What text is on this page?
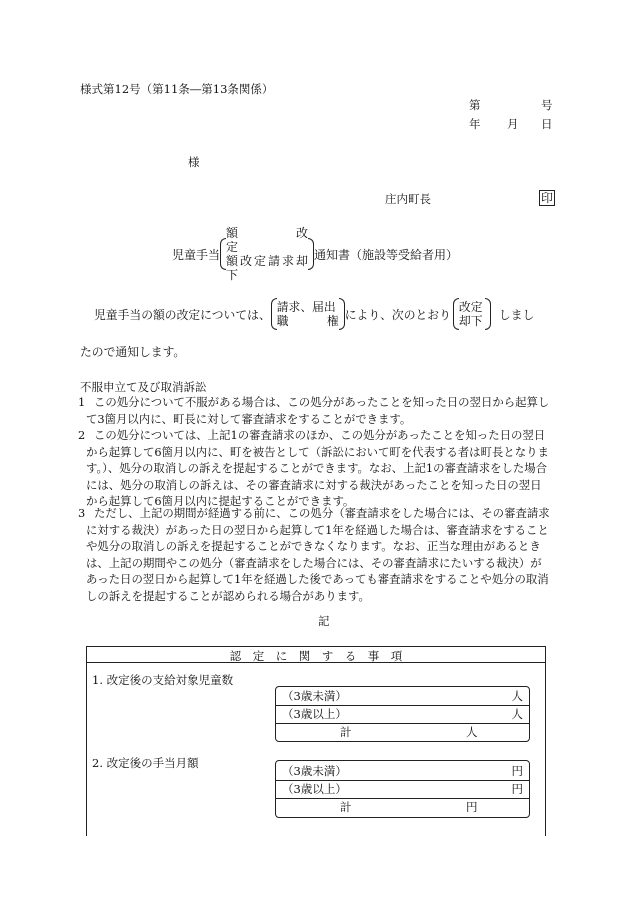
様式第12号（第11条―第13条関係）
第	号
年 月 日
様
庄内町長	印
児童手当
額　　改　　定
額改定請求却下
通知書（施設等受給者用）
児童手当の額の改定については、
請求、届出
職　　　権 により、次のとおり
改定
却下 しまし
たので通知します。
不服申立て及び取消訴訟
1 この処分について不服がある場合は、この処分があったことを知った日の翌日から起算して3箇月以内に、町長に対して審査請求をすることができます。
2 この処分については、上記1の審査請求のほか、この処分があったことを知った日の翌日から起算して6箇月以内に、町を被告として（訴訟において町を代表する者は町長となります。）、処分の取消しの訴えを提起することができます。なお、上記1の審査請求をした場合には、処分の取消しの訴えは、その審査請求に対する裁決があったことを知った日の翌日から起算して6箇月以内に提起することができます。
3 ただし、上記の期間が経過する前に、この処分（審査請求をした場合には、その審査請求に対する裁決）があった日の翌日から起算して1年を経過した場合は、審査請求をすることや処分の取消しの訴えを提起することができなくなります。なお、正当な理由があるときは、上記の期間やこの処分（審査請求をした場合には、その審査請求にたいする裁決）があった日の翌日から起算して1年を経過した後であっても審査請求をすることや処分の取消しの訴えを提起することが認められる場合があります。
記
認　定　に　関　す　る　事　項
1. 改定後の支給対象児童数
（3歳未満）	人
（3歳以上）	人
計	人
2. 改定後の手当月額
（3歳未満）	円
（3歳以上）	円
計	円
